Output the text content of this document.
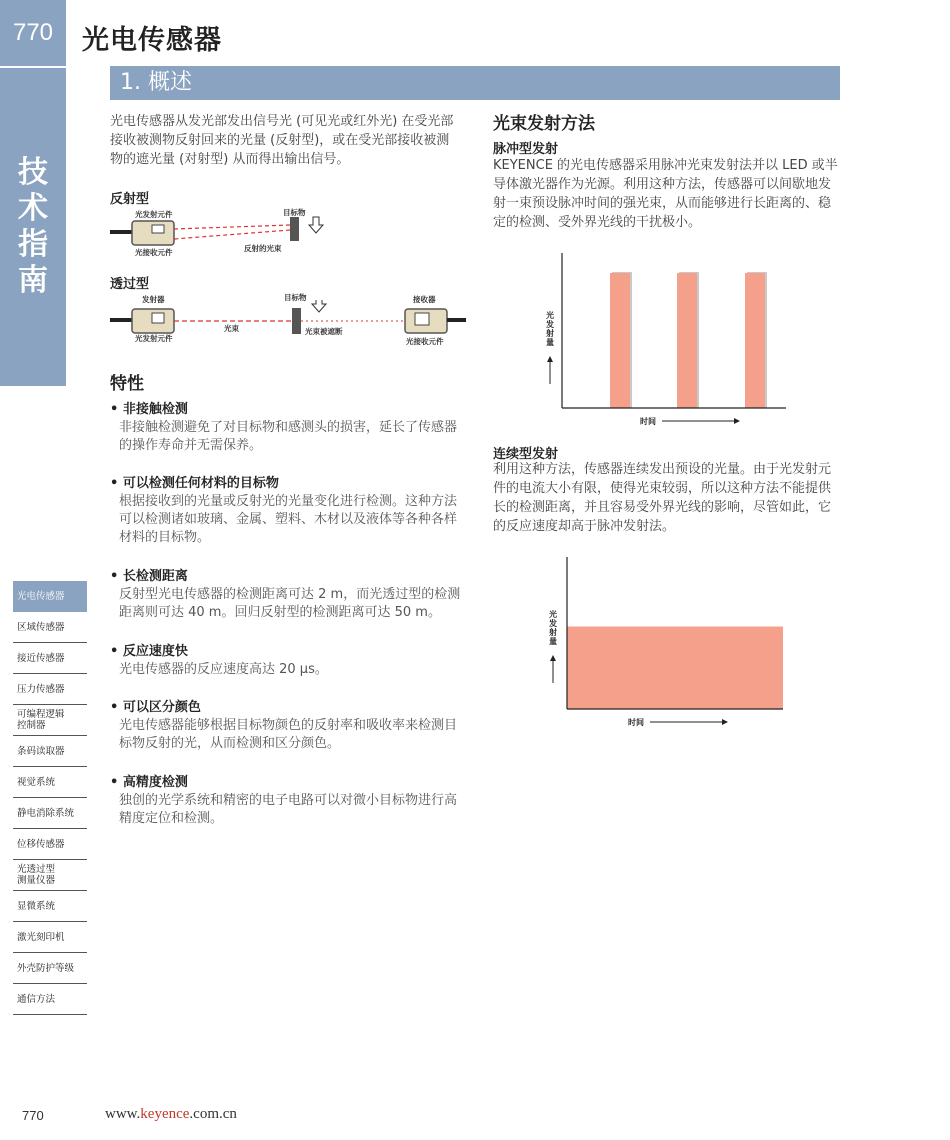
770 光电传感器
技
术
指
南
1. 概述
光电传感器从发光部发出信号光 (可见光或红外光) 在受光部接收被测物反射回来的光量 (反射型)，或在受光部接收被测物的遮光量 (对射型) 从而得出输出信号。
反射型
光发射元件
光接收元件
目标物
反射的光束
透过型
发射器
光发射元件
目标物
光束	光束被遮断
接收器
光接收元件
特性
• 非接触检测
非接触检测避免了对目标物和感测头的损害，延长了传感器的操作寿命并无需保养。
• 可以检测任何材料的目标物
根据接收到的光量或反射光的光量变化进行检测。这种方法可以检测诸如玻璃、金属、塑料、木材以及液体等各种各样材料的目标物。
• 长检测距离
反射型光电传感器的检测距离可达 2 m，而光透过型的检测距离则可达 40 m。回归反射型的检测距离可达 50 m。
• 反应速度快
光电传感器的反应速度高达 20 μs。
• 可以区分颜色
光电传感器能够根据目标物颜色的反射率和吸收率来检测目标物反射的光，从而检测和区分颜色。
• 高精度检测
独创的光学系统和精密的电子电路可以对微小目标物进行高精度定位和检测。
光束发射方法
脉冲型发射
KEYENCE 的光电传感器采用脉冲光束发射法并以 LED 或半导体激光器作为光源。利用这种方法，传感器可以间歇地发射一束预设脉冲时间的强光束，从而能够进行长距离的、稳定的检测、受外界光线的干扰极小。
光
发
射
量
时间
连续型发射
利用这种方法，传感器连续发出预设的光量。由于光发射元件的电流大小有限，使得光束较弱，所以这种方法不能提供长的检测距离，并且容易受外界光线的影响，尽管如此，它的反应速度却高于脉冲发射法。
光
发
射
量
时间
光电传感器
区域传感器
接近传感器
压力传感器
可编程逻辑
控制器
条码读取器
视觉系统
静电消除系统
位移传感器
光透过型
测量仪器
显微系统
激光刻印机
外壳防护等级
通信方法
770	www.keyence.com.cn
